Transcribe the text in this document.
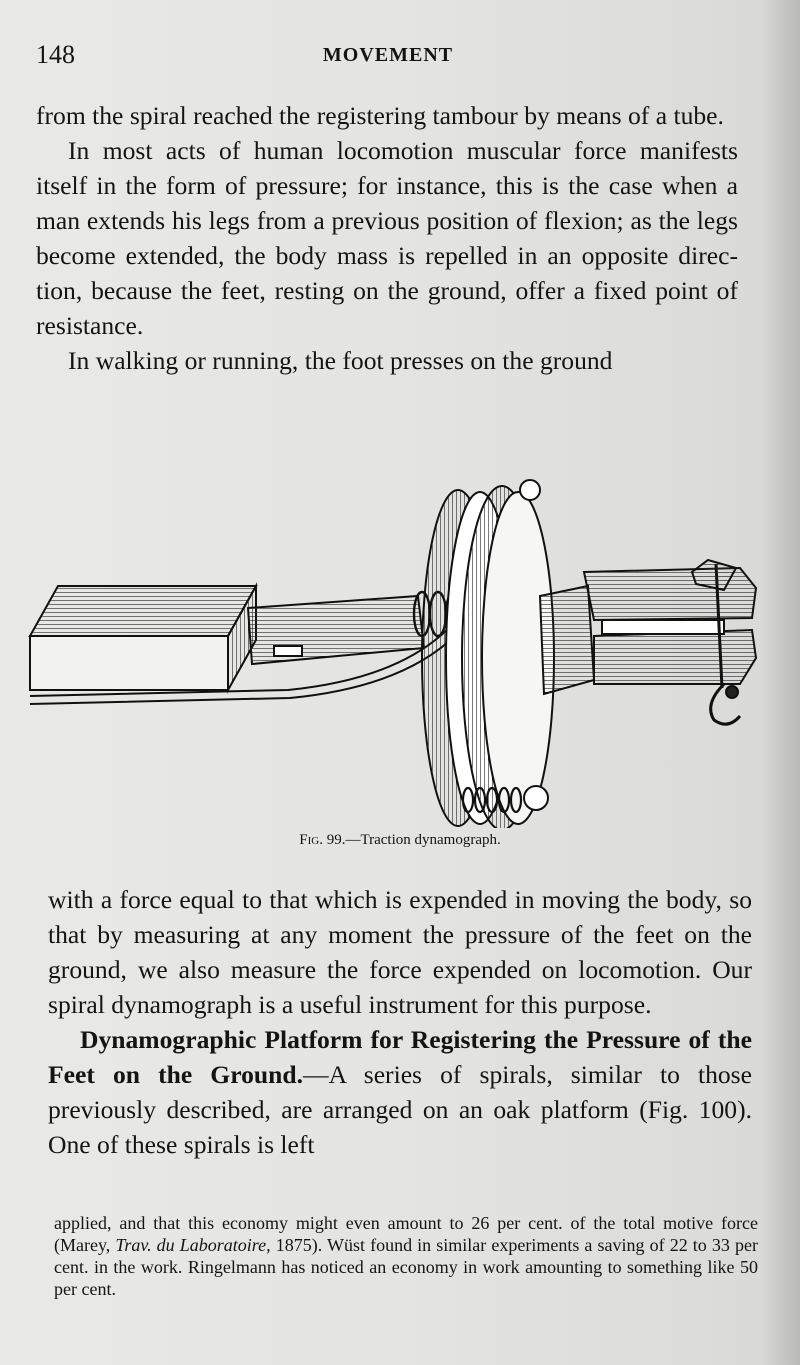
148	MOVEMENT

from the spiral reached the registering tambour by means of a tube.

In most acts of human locomotion muscular force manifests itself in the form of pressure; for instance, this is the case when a man extends his legs from a previous position of flexion; as the legs become extended, the body mass is repelled in an opposite direction, because the feet, resting on the ground, offer a fixed point of resistance.

In walking or running, the foot presses on the ground

Fig. 99.—Traction dynamograph.

with a force equal to that which is expended in moving the body, so that by measuring at any moment the pressure of the feet on the ground, we also measure the force expended on locomotion. Our spiral dynamograph is a useful instrument for this purpose.

Dynamographic Platform for Registering the Pressure of the Feet on the Ground.—A series of spirals, similar to those previously described, are arranged on an oak platform (Fig. 100). One of these spirals is left

applied, and that this economy might even amount to 26 per cent. of the total motive force (Marey, Trav. du Laboratoire, 1875). Wüst found in similar experiments a saving of 22 to 33 per cent. in the work. Ringelmann has noticed an economy in work amounting to something like 50 per cent.
